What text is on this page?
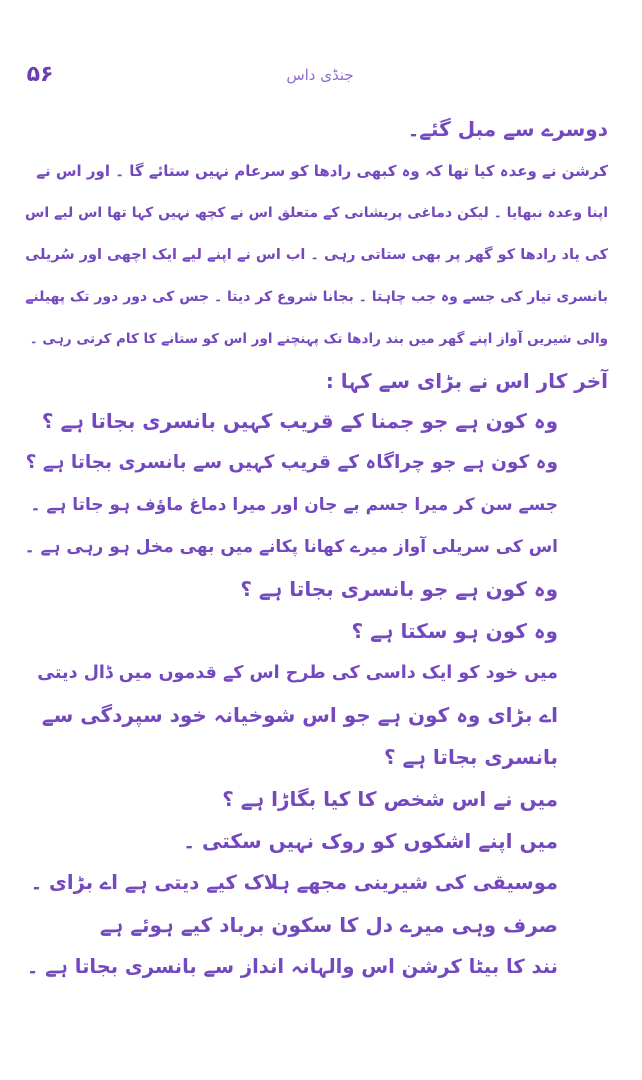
۵۶	جنڈی داس
دوسرے سے مبل گئے۔
کرشن نے وعدہ کیا تھا کہ وہ کبھی رادھا کو سرعام نہیں ستائے گا ۔ اور اس نے
اپنا وعدہ نبھایا ۔ لیکن دماغی پریشانی کے متعلق اس نے کچھ نہیں کہا تھا اس لیے اس
کی یاد رادھا کو گھر پر بھی ستاتی رہی ۔ اب اس نے اپنے لیے ایک اچھی اور سُریلی
بانسری تیار کی جسے وہ جب چاہتا ۔ بجانا شروع کر دیتا ۔ جس کی دور دور تک پھیلنے
والی شیریں آواز اپنے گھر میں بند رادھا تک پہنچنے اور اس کو ستانے کا کام کرتی رہی ۔
آخر کار اس نے بڑای سے کہا :
وہ کون ہے جو جمنا کے قریب کہیں بانسری بجاتا ہے ؟
وہ کون ہے جو چراگاہ کے قریب کہیں سے بانسری بجاتا ہے ؟
جسے سن کر میرا جسم بے جان اور میرا دماغ ماؤف ہو جاتا ہے ۔
اس کی سریلی آواز میرے کھانا پکانے میں بھی مخل ہو رہی ہے ۔
وہ کون ہے جو بانسری بجاتا ہے ؟
وہ کون ہو سکتا ہے ؟
میں خود کو ایک داسی کی طرح اس کے قدموں میں ڈال دیتی
اے بڑای وہ کون ہے جو اس شوخیانہ خود سپردگی سے
بانسری بجاتا ہے ؟
میں نے اس شخص کا کیا بگاڑا ہے ؟
میں اپنے اشکوں کو روک نہیں سکتی ۔
موسیقی کی شیرینی مجھے ہلاک کیے دیتی ہے اے بڑای ۔
صرف وہی میرے دل کا سکون برباد کیے ہوئے ہے
نند کا بیٹا کرشن اس والہانہ انداز سے بانسری بجاتا ہے ۔
